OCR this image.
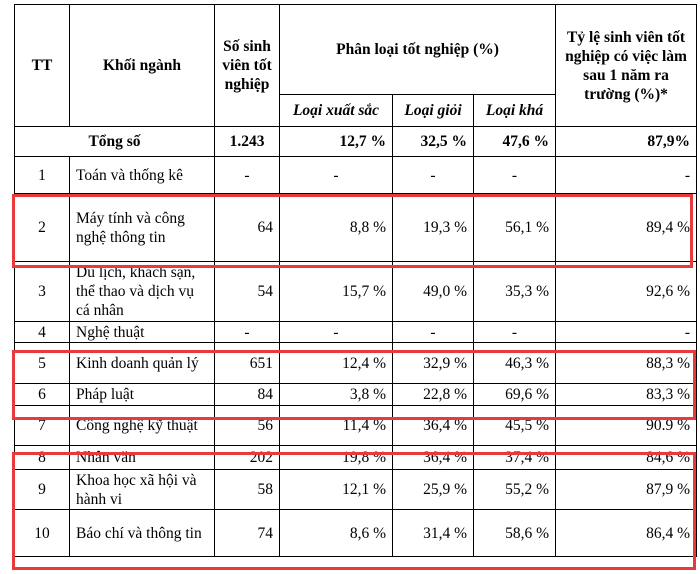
TT	Khối ngành	Số sinh viên tốt nghiệp	Phân loại tốt nghiệp (%)			Tỷ lệ sinh viên tốt nghiệp có việc làm sau 1 năm ra trường (%)*
			Loại xuất sắc	Loại giỏi	Loại khá	
Tổng số		1.243	12,7 %	32,5 %	47,6 %	87,9%
1	Toán và thống kê	-	-	-	-	-
2	Máy tính và công nghệ thông tin	64	8,8 %	19,3 %	56,1 %	89,4 %
3	Du lịch, khách sạn, thể thao và dịch vụ cá nhân	54	15,7 %	49,0 %	35,3 %	92,6 %
4	Nghệ thuật	-	-	-	-	-
5	Kinh doanh quản lý	651	12,4 %	32,9 %	46,3 %	88,3 %
6	Pháp luật	84	3,8 %	22,8 %	69,6 %	83,3 %
7	Công nghệ kỹ thuật	56	11,4 %	36,4 %	45,5 %	90.9 %
8	Nhân văn	202	19,8 %	36,4 %	37,4 %	84,6 %
9	Khoa học xã hội và hành vi	58	12,1 %	25,9 %	55,2 %	87,9 %
10	Báo chí và thông tin	74	8,6 %	31,4 %	58,6 %	86,4 %
